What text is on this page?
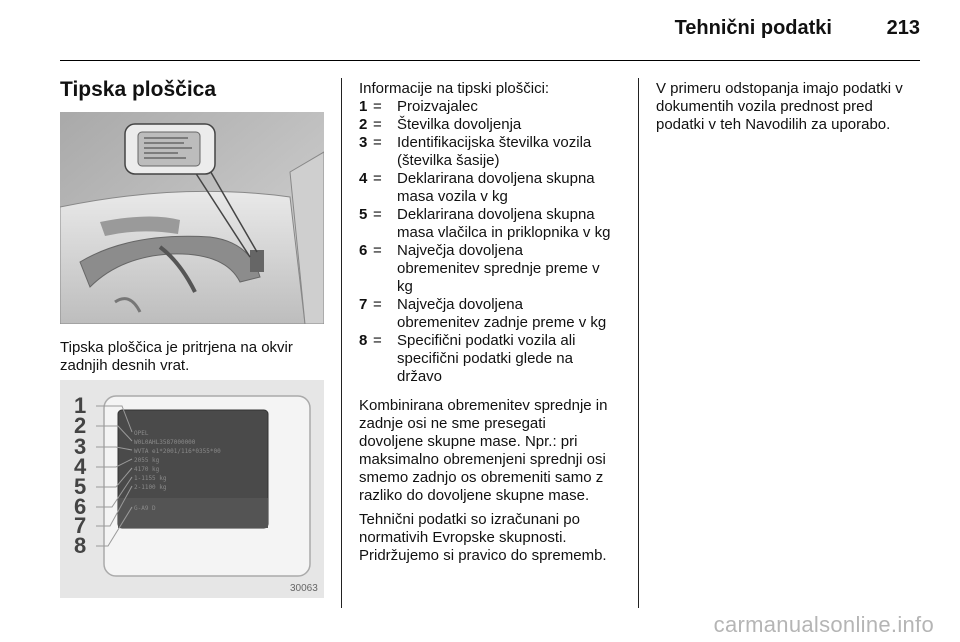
Tehnični podatki	213
Tipska ploščica

Tipska ploščica je pritrjena na okvir zadnjih desnih vrat.

OPEL
W0L0AHL3587000000
WVTA e1*2001/116*0355*00
2055 kg
4170 kg
1-1155 kg
2-1100 kg
G-A9 D
1
2
3
4
5
6
7
8
30063

Informacije na tipski ploščici:

1 =	Proizvajalec
2 =	Številka dovoljenja
3 =	Identifikacijska številka vozila
(številka šasije)
4 =	Deklarirana dovoljena skupna
masa vozila v kg
5 =	Deklarirana dovoljena skupna
masa vlačilca in priklopnika v kg
6 =	Največja dovoljena
obremenitev sprednje preme v
kg
7 =	Največja dovoljena
obremenitev zadnje preme v kg
8 =	Specifični podatki vozila ali
specifični podatki glede na
državo

Kombinirana obremenitev sprednje in
zadnje osi ne sme presegati
dovoljene skupne mase. Npr.: pri
maksimalno obremenjeni sprednji osi
smemo zadnjo os obremeniti samo z
razliko do dovoljene skupne mase.

Tehnični podatki so izračunani po
normativih Evropske skupnosti.
Pridržujemo si pravico do sprememb.

V primeru odstopanja imajo podatki v
dokumentih vozila prednost pred
podatki v teh Navodilih za uporabo.

carmanualsonline.info
